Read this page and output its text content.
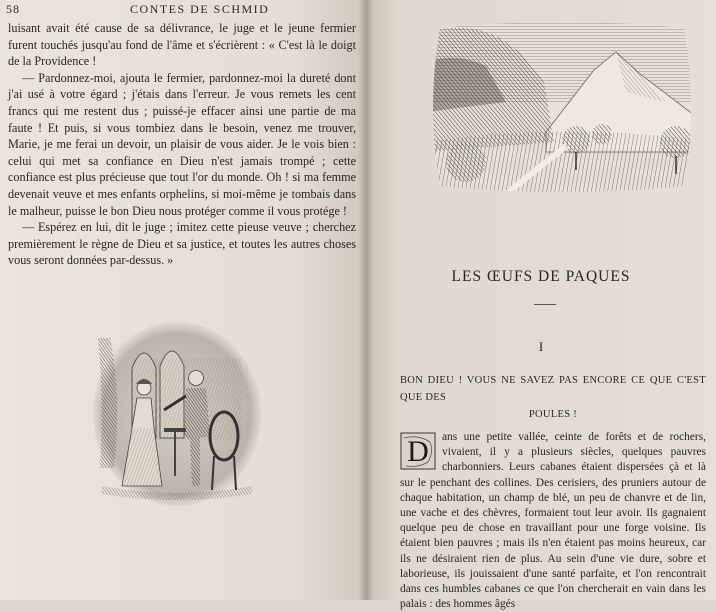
58	CONTES DE SCHMID

luisant avait été cause de sa délivrance, le juge et le jeune fermier furent touchés jusqu'au fond de l'âme et s'écrièrent : « C'est là le doigt de la Providence !

— Pardonnez-moi, ajouta le fermier, pardonnez-moi la dureté dont j'ai usé à votre égard ; j'étais dans l'erreur. Je vous remets les cent francs qui me restent dus ; puissé-je effacer ainsi une partie de ma faute ! Et puis, si vous tombiez dans le besoin, venez me trouver, Marie, je me ferai un devoir, un plaisir de vous aider. Je le vois bien : celui qui met sa confiance en Dieu n'est jamais trompé ; cette confiance est plus précieuse que tout l'or du monde. Oh ! si ma femme devenait veuve et mes enfants orphelins, si moi-même je tombais dans le malheur, puisse le bon Dieu nous protéger comme il vous protége !

— Espérez en lui, dit le juge ; imitez cette pieuse veuve ; cherchez premièrement le règne de Dieu et sa justice, et toutes les autres choses vous seront données par-dessus. »

LES ŒUFS DE PAQUES
I
BON DIEU ! VOUS NE SAVEZ PAS ENCORE CE QUE C'EST QUE DES
POULES !
D ans une petite vallée, ceinte de forêts et de rochers, vivaient, il y a plusieurs siècles, quelques pauvres charbonniers. Leurs cabanes étaient dispersées çà et là sur le penchant des collines. Des cerisiers, des pruniers autour de chaque habitation, un champ de blé, un peu de chanvre et de lin, une vache et des chèvres, formaient tout leur avoir. Ils gagnaient quelque peu de chose en travaillant pour une forge voisine. Ils étaient bien pauvres ; mais ils n'en étaient pas moins heureux, car ils ne désiraient rien de plus. Au sein d'une vie dure, sobre et laborieuse, ils jouissaient d'une santé parfaite, et l'on rencontrait dans ces humbles cabanes ce que l'on chercherait en vain dans les palais : des hommes âgés
